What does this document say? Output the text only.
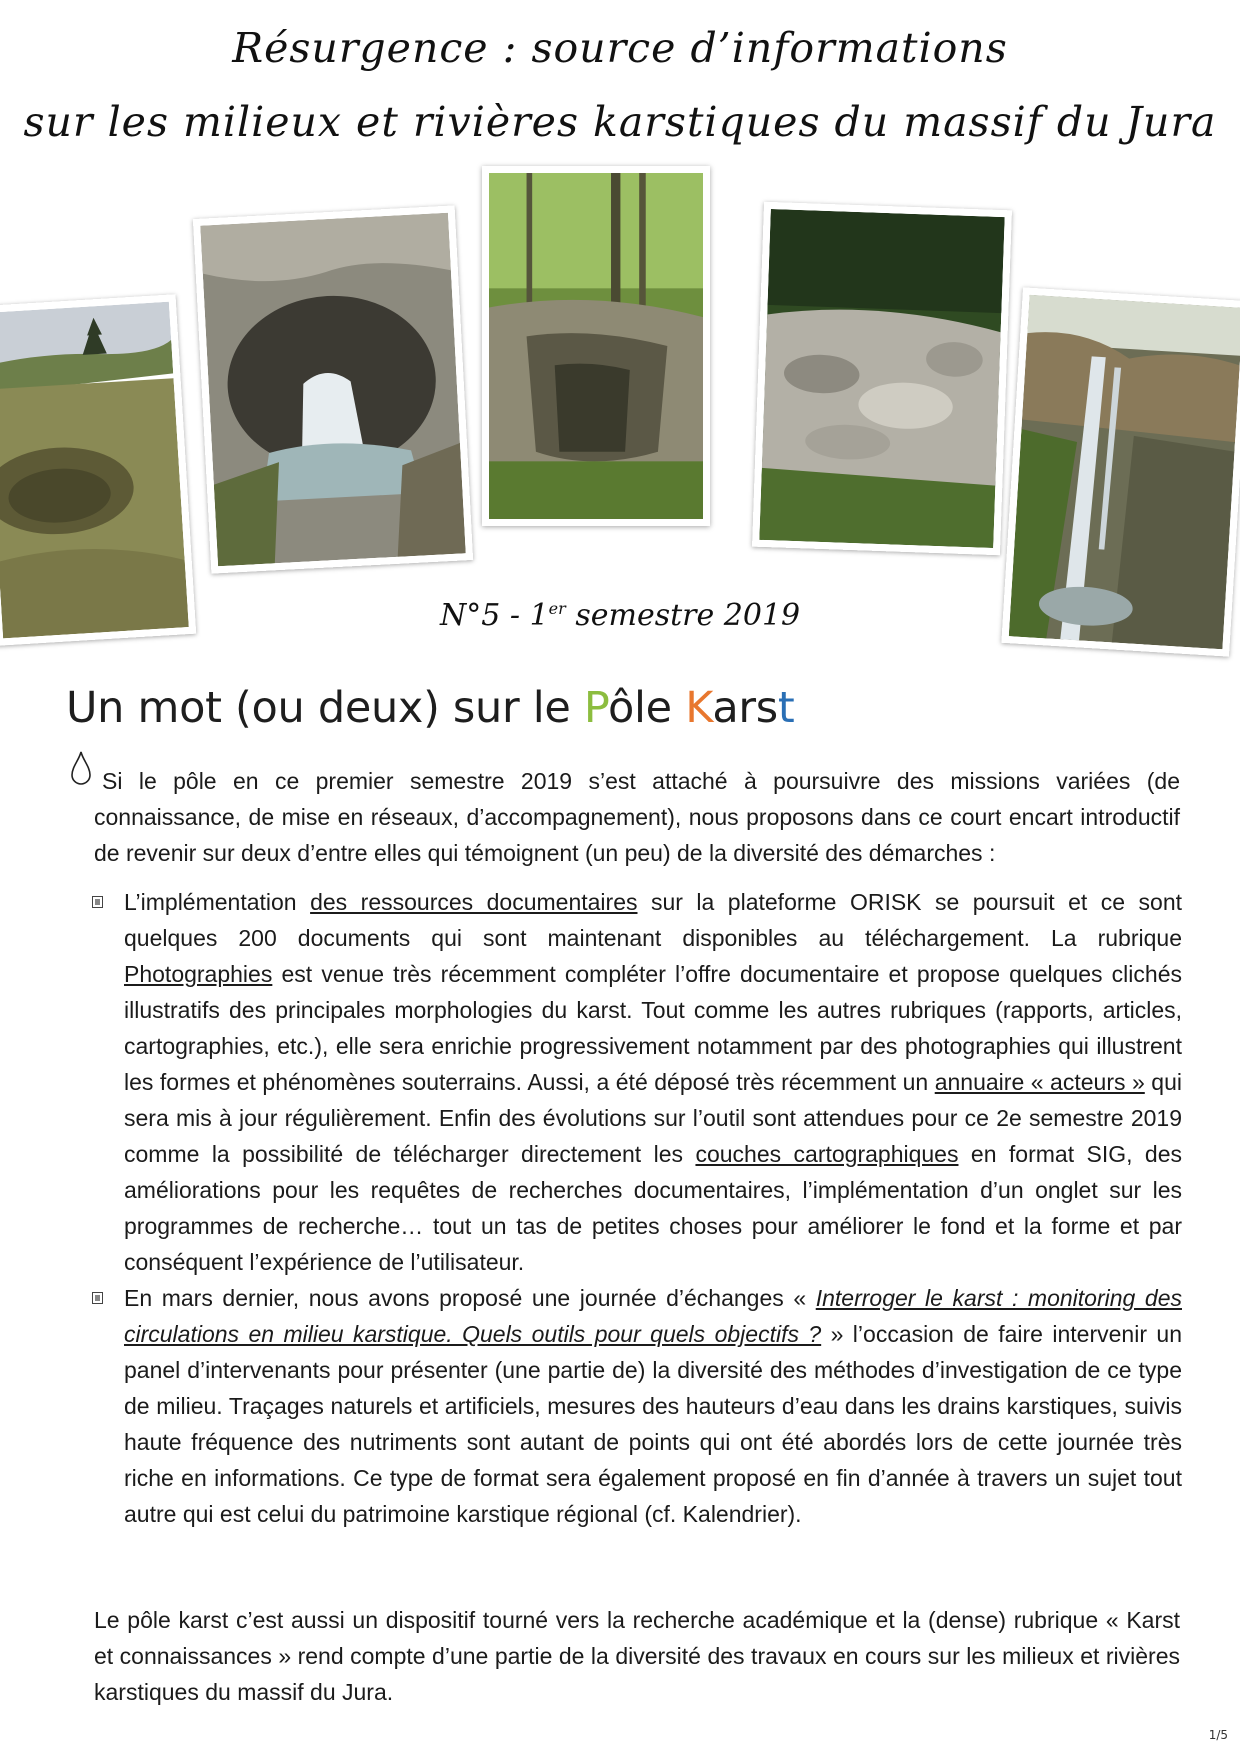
Résurgence : source d’informations
sur les milieux et rivières karstiques du massif du Jura
N°5 - 1er semestre 2019
Un mot (ou deux) sur le Pôle Karst

Si le pôle en ce premier semestre 2019 s’est attaché à poursuivre des missions variées (de connaissance, de mise en réseaux, d’accompagnement), nous proposons dans ce court encart introductif de revenir sur deux d’entre elles qui témoignent (un peu) de la diversité des démarches :

L’implémentation des ressources documentaires sur la plateforme ORISK se poursuit et ce sont quelques 200 documents qui sont maintenant disponibles au téléchargement. La rubrique Photographies est venue très récemment compléter l’offre documentaire et propose quelques clichés illustratifs des principales morphologies du karst. Tout comme les autres rubriques (rapports, articles, cartographies, etc.), elle sera enrichie progressivement notamment par des photographies qui illustrent les formes et phénomènes souterrains. Aussi, a été déposé très récemment un annuaire « acteurs » qui sera mis à jour régulièrement. Enfin des évolutions sur l’outil sont attendues pour ce 2e semestre 2019 comme la possibilité de télécharger directement les couches cartographiques en format SIG, des améliorations pour les requêtes de recherches documentaires, l’implémentation d’un onglet sur les programmes de recherche… tout un tas de petites choses pour améliorer le fond et la forme et par conséquent l’expérience de l’utilisateur.

En mars dernier, nous avons proposé une journée d’échanges « Interroger le karst : monitoring des circulations en milieu karstique. Quels outils pour quels objectifs ? » l’occasion de faire intervenir un panel d’intervenants pour présenter (une partie de) la diversité des méthodes d’investigation de ce type de milieu. Traçages naturels et artificiels, mesures des hauteurs d’eau dans les drains karstiques, suivis haute fréquence des nutriments sont autant de points qui ont été abordés lors de cette journée très riche en informations. Ce type de format sera également proposé en fin d’année à travers un sujet tout autre qui est celui du patrimoine karstique régional (cf. Kalendrier).

Le pôle karst c’est aussi un dispositif tourné vers la recherche académique et la (dense) rubrique « Karst et connaissances » rend compte d’une partie de la diversité des travaux en cours sur les milieux et rivières karstiques du massif du Jura.

1/5
